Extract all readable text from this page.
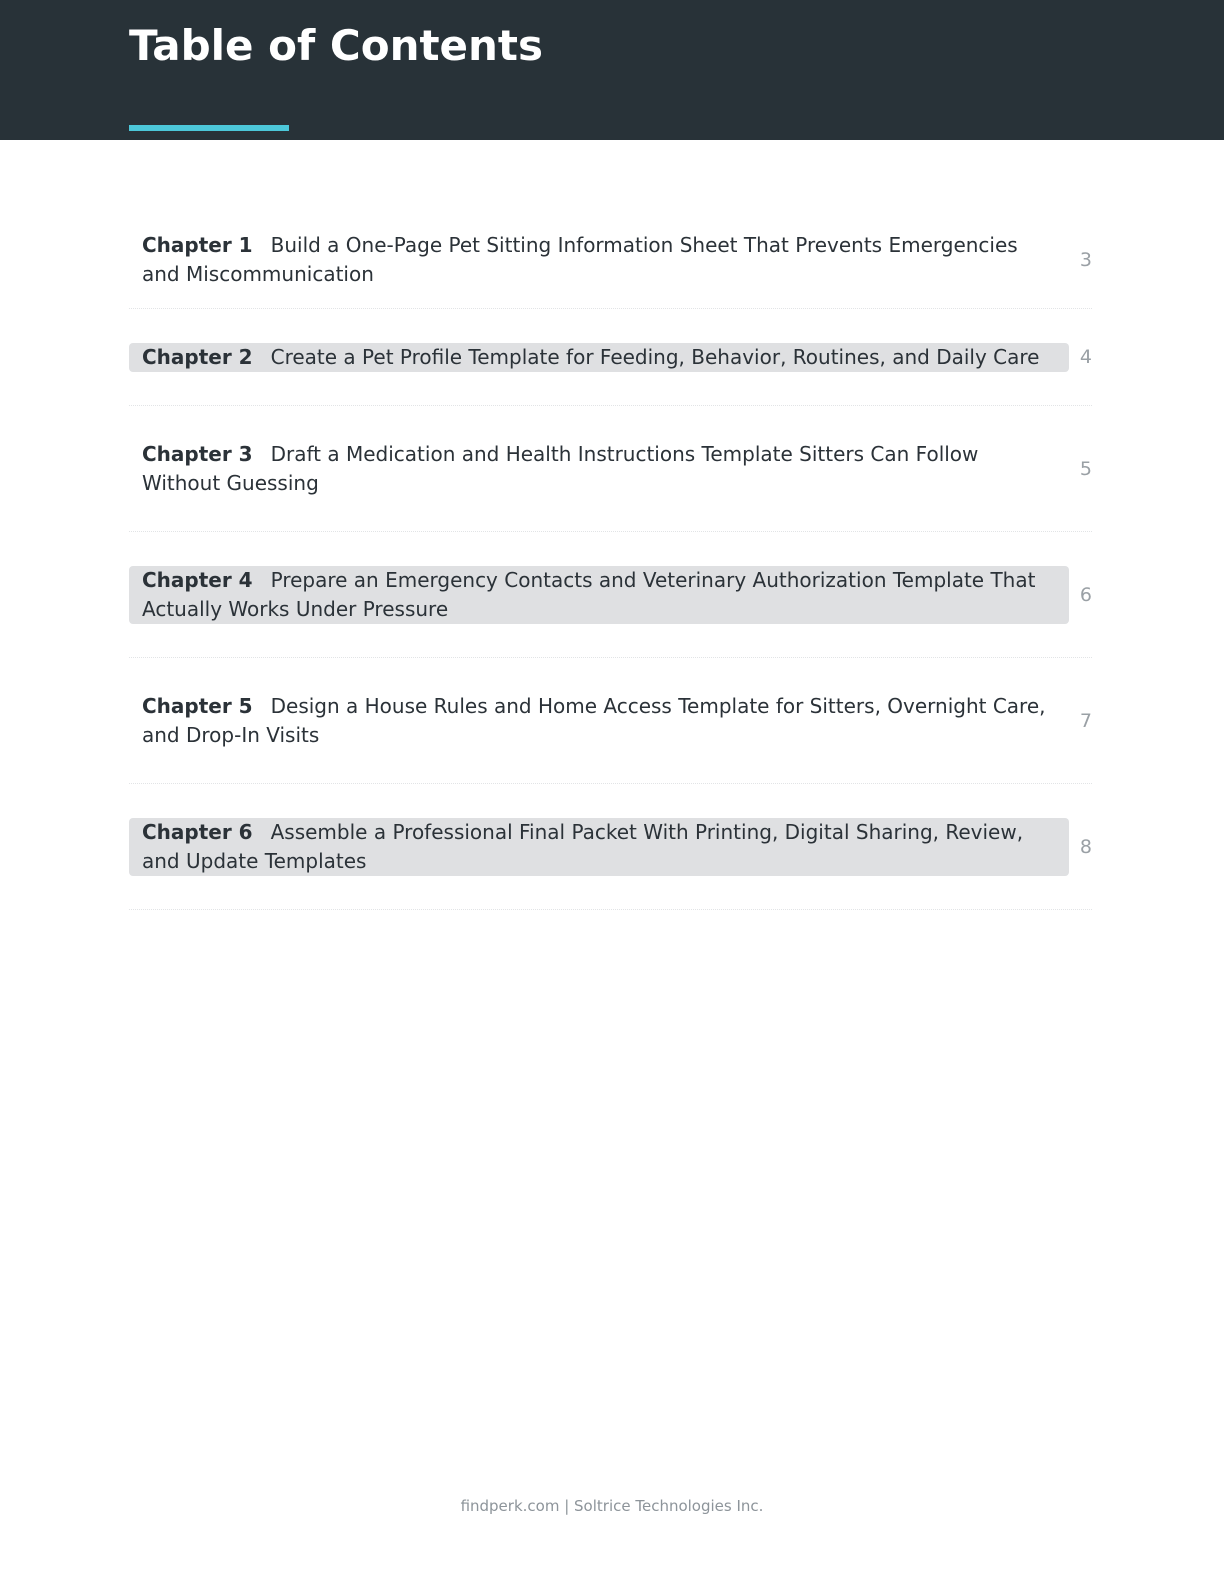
Table of Contents
Chapter 1 Build a One-Page Pet Sitting Information Sheet That Prevents Emergencies and Miscommunication
3
Chapter 2 Create a Pet Profile Template for Feeding, Behavior, Routines, and Daily Care	4
Chapter 3 Draft a Medication and Health Instructions Template Sitters Can Follow Without Guessing
5
Chapter 4 Prepare an Emergency Contacts and Veterinary Authorization Template That Actually Works Under Pressure
6
Chapter 5 Design a House Rules and Home Access Template for Sitters, Overnight Care, and Drop-In Visits
7
Chapter 6 Assemble a Professional Final Packet With Printing, Digital Sharing, Review, and Update Templates
8
findperk.com | Soltrice Technologies Inc.
